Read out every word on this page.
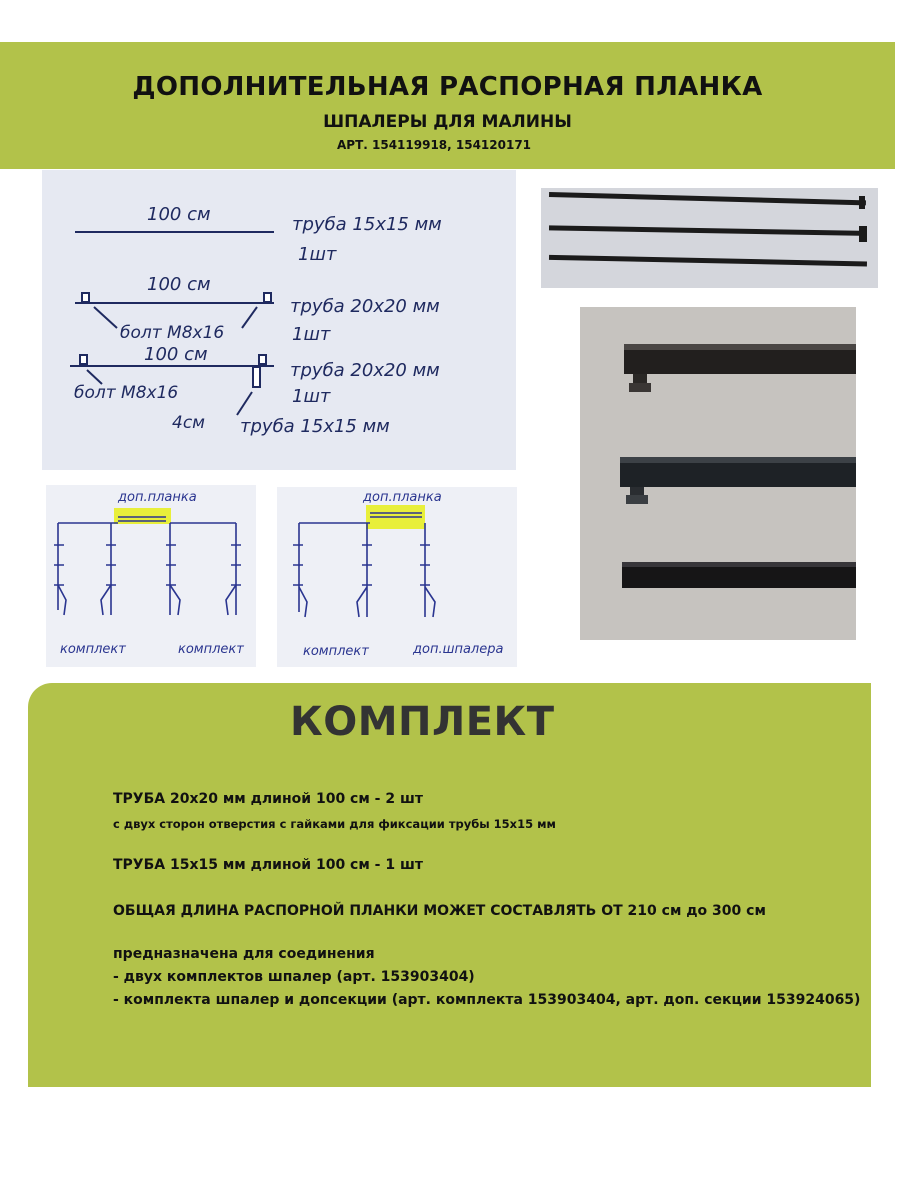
ДОПОЛНИТЕЛЬНАЯ РАСПОРНАЯ ПЛАНКА
ШПАЛЕРЫ ДЛЯ МАЛИНЫ
АРТ. 154119918, 154120171
100 см	труба 15х15 мм
1шт
100 см
труба 20х20 мм
болт М8х16	1шт
100 см
труба 20х20 мм
болт М8х16	1шт
4см труба 15х15 мм
доп.планка
комплект	комплект
доп.планка
комплект	доп.шпалера
КОМПЛЕКТ

ТРУБА 20х20 мм длиной 100 см - 2 шт

с двух сторон отверстия с гайками для фиксации трубы 15х15 мм

ТРУБА 15х15 мм длиной 100 см - 1 шт

ОБЩАЯ ДЛИНА РАСПОРНОЙ ПЛАНКИ МОЖЕТ СОСТАВЛЯТЬ ОТ 210 см до 300 см

предназначена для соединения

- двух комплектов шпалер (арт. 153903404)

- комплекта шпалер и допсекции (арт. комплекта 153903404, арт. доп. секции 153924065)
